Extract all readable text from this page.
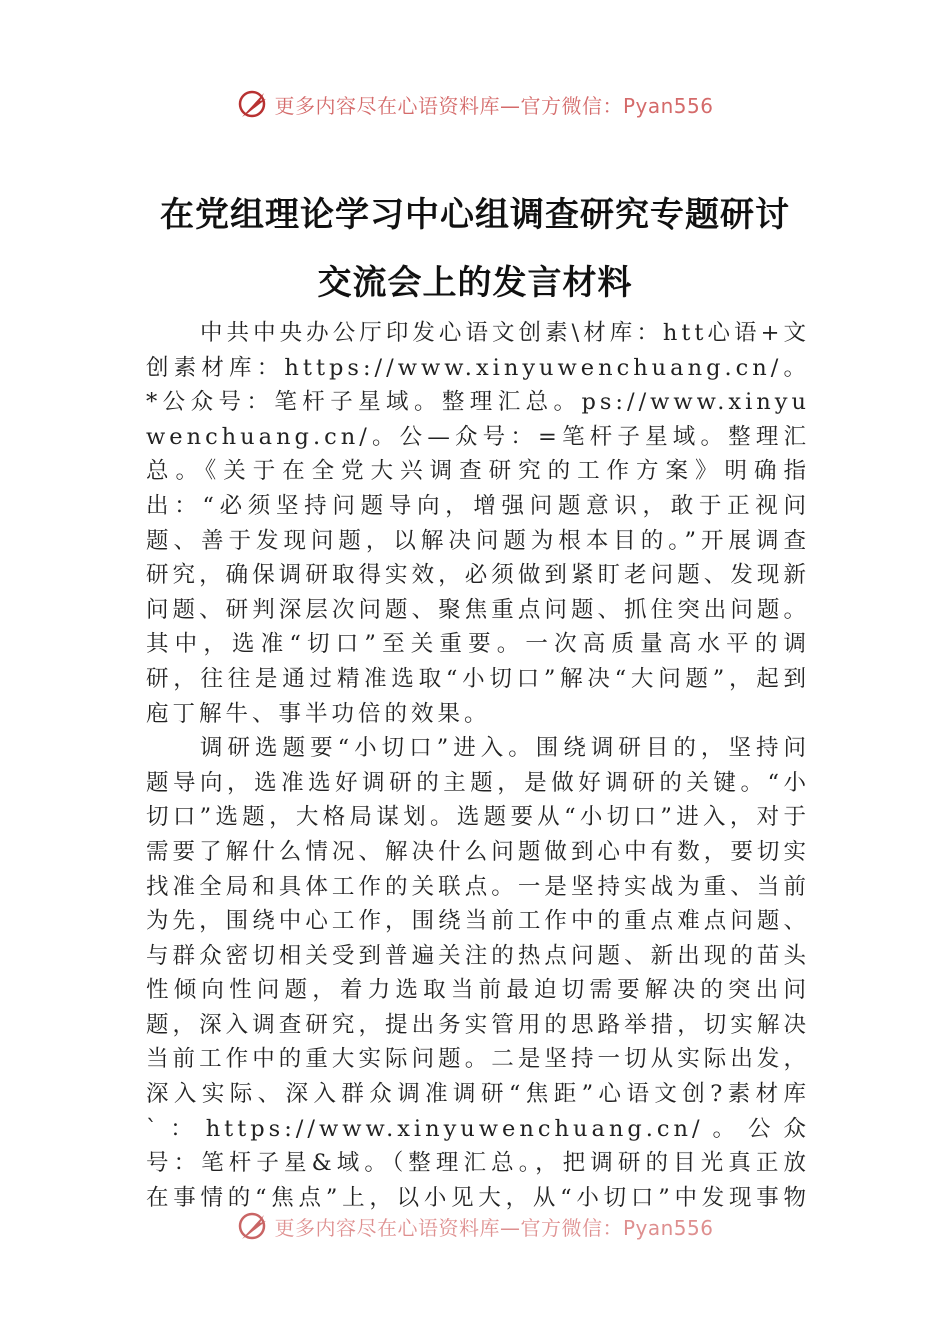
更多内容尽在心语资料库—官方微信：Pyan556
在党组理论学习中心组调查研究专题研讨
交流会上的发言材料

中共中央办公厅印发心语文创素\材库：htt心语+文创素材库：https://www.xinyuwenchuang.cn/。*公众号：笔杆子星域。整理汇总。ps://www.xinyuwenchuang.cn/。公—众号：=笔杆子星域。整理汇总。《关于在全党大兴调查研究的工作方案》明确指出：“必须坚持问题导向，增强问题意识，敢于正视问题、善于发现问题，以解决问题为根本目的。”开展调查研究，确保调研取得实效，必须做到紧盯老问题、发现新问题、研判深层次问题、聚焦重点问题、抓住突出问题。其中，选准“切口”至关重要。一次高质量高水平的调研，往往是通过精准选取“小切口”解决“大问题”，起到庖丁解牛、事半功倍的效果。

调研选题要“小切口”进入。围绕调研目的，坚持问题导向，选准选好调研的主题，是做好调研的关键。“小切口”选题，大格局谋划。选题要从“小切口”进入，对于需要了解什么情况、解决什么问题做到心中有数，要切实找准全局和具体工作的关联点。一是坚持实战为重、当前为先，围绕中心工作，围绕当前工作中的重点难点问题、与群众密切相关受到普遍关注的热点问题、新出现的苗头性倾向性问题，着力选取当前最迫切需要解决的突出问题，深入调查研究，提出务实管用的思路举措，切实解决当前工作中的重大实际问题。二是坚持一切从实际出发，深入实际、深入群众调准调研“焦距”心语文创?素材库`：https://www.xinyuwenchuang.cn/。公众号：笔杆子星&域。（整理汇总。，把调研的目光真正放在事情的“焦点”上，以小见大，从“小切口”中发现事物

更多内容尽在心语资料库—官方微信：Pyan556
